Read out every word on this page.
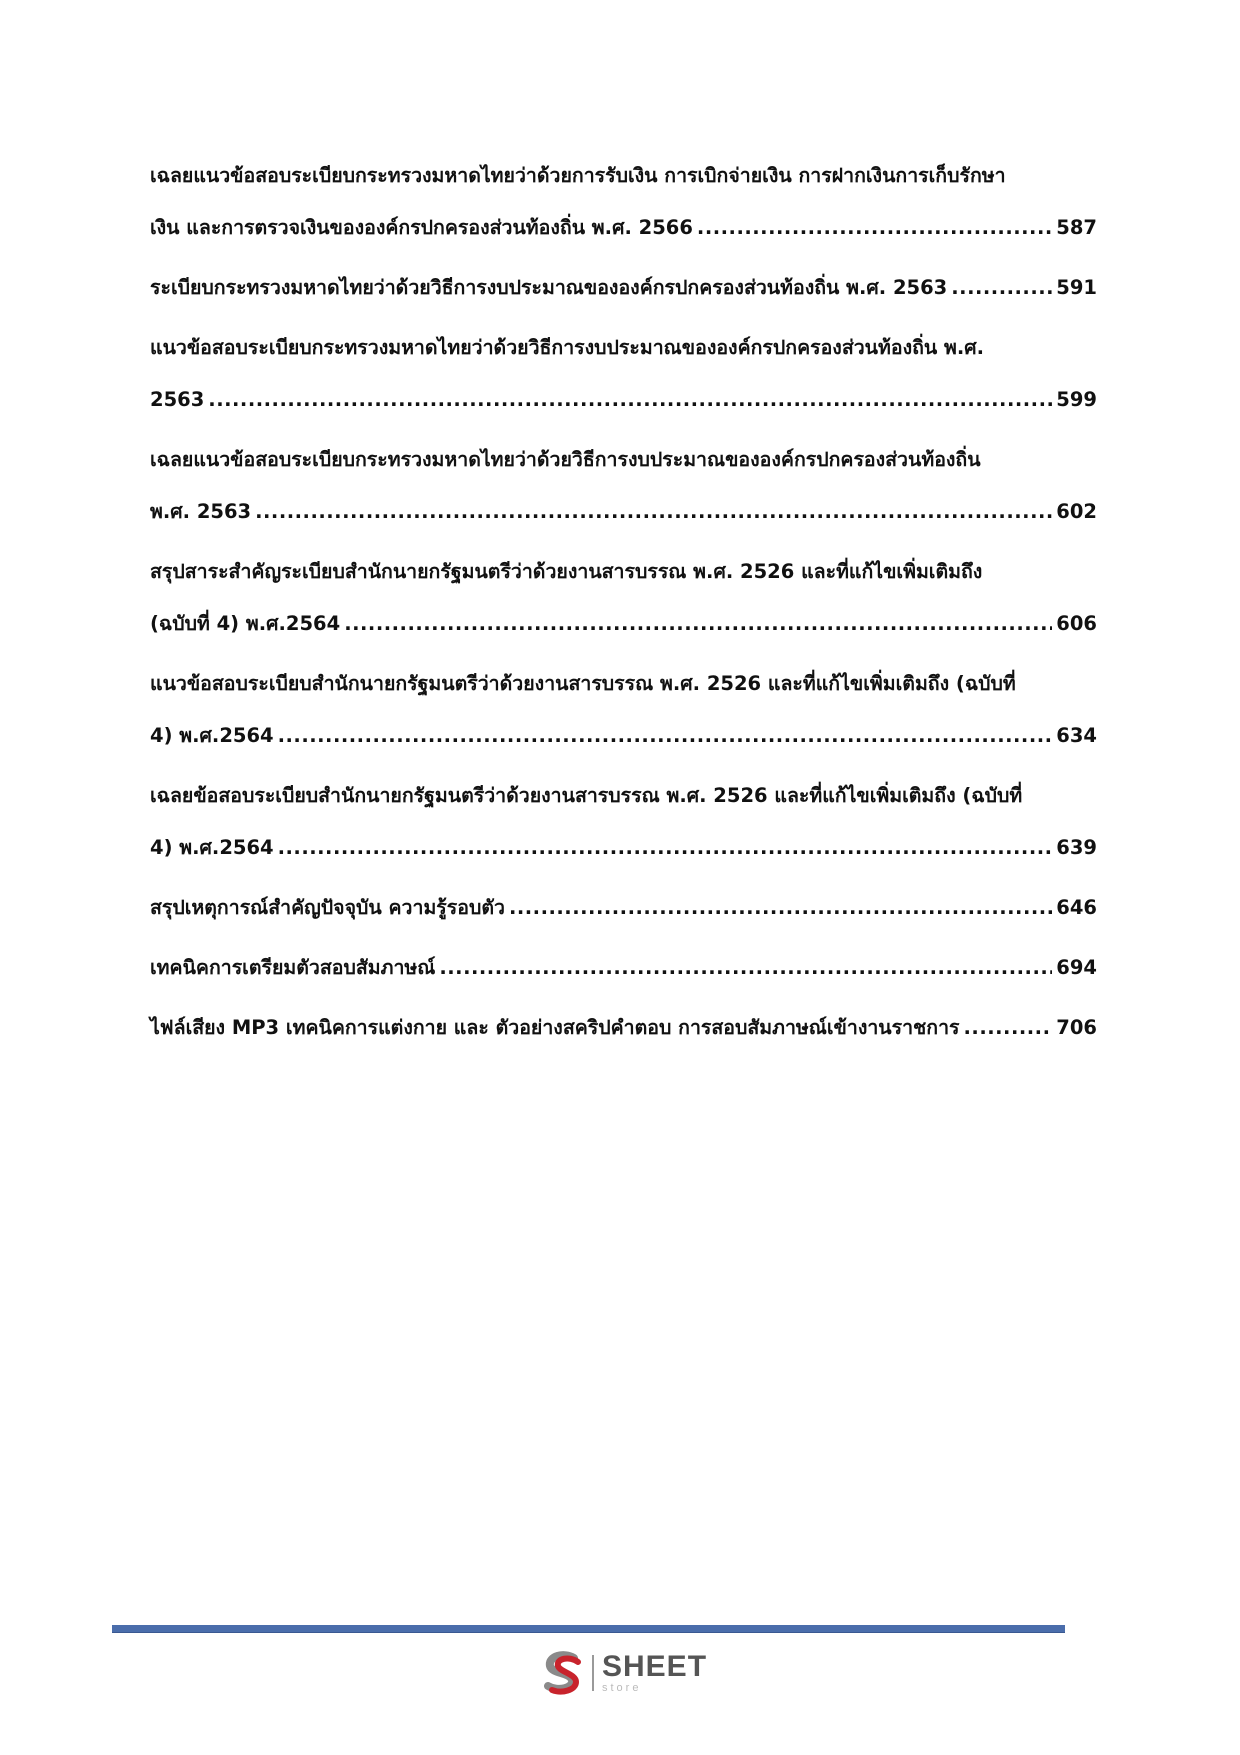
เฉลยแนวข้อสอบระเบียบกระทรวงมหาดไทยว่าด้วยการรับเงิน การเบิกจ่ายเงิน การฝากเงินการเก็บรักษา
เงิน และการตรวจเงินขององค์กรปกครองส่วนท้องถิ่น พ.ศ. 2566 .....	587
ระเบียบกระทรวงมหาดไทยว่าด้วยวิธีการงบประมาณขององค์กรปกครองส่วนท้องถิ่น พ.ศ. 2563 .....	591
แนวข้อสอบระเบียบกระทรวงมหาดไทยว่าด้วยวิธีการงบประมาณขององค์กรปกครองส่วนท้องถิ่น พ.ศ.
2563 .....	599
เฉลยแนวข้อสอบระเบียบกระทรวงมหาดไทยว่าด้วยวิธีการงบประมาณขององค์กรปกครองส่วนท้องถิ่น
พ.ศ. 2563 .....	602
สรุปสาระสำคัญระเบียบสำนักนายกรัฐมนตรีว่าด้วยงานสารบรรณ พ.ศ. 2526 และที่แก้ไขเพิ่มเติมถึง
(ฉบับที่ 4) พ.ศ.2564 .....	606
แนวข้อสอบระเบียบสำนักนายกรัฐมนตรีว่าด้วยงานสารบรรณ พ.ศ. 2526 และที่แก้ไขเพิ่มเติมถึง (ฉบับที่
4) พ.ศ.2564 .....	634
เฉลยข้อสอบระเบียบสำนักนายกรัฐมนตรีว่าด้วยงานสารบรรณ พ.ศ. 2526 และที่แก้ไขเพิ่มเติมถึง (ฉบับที่
4) พ.ศ.2564 .....	639
สรุปเหตุการณ์สำคัญปัจจุบัน ความรู้รอบตัว .....	646
เทคนิคการเตรียมตัวสอบสัมภาษณ์ .....	694
ไฟล์เสียง MP3 เทคนิคการแต่งกาย และ ตัวอย่างสคริปคำตอบ การสอบสัมภาษณ์เข้างานราชการ .....	706
SHEET
store
